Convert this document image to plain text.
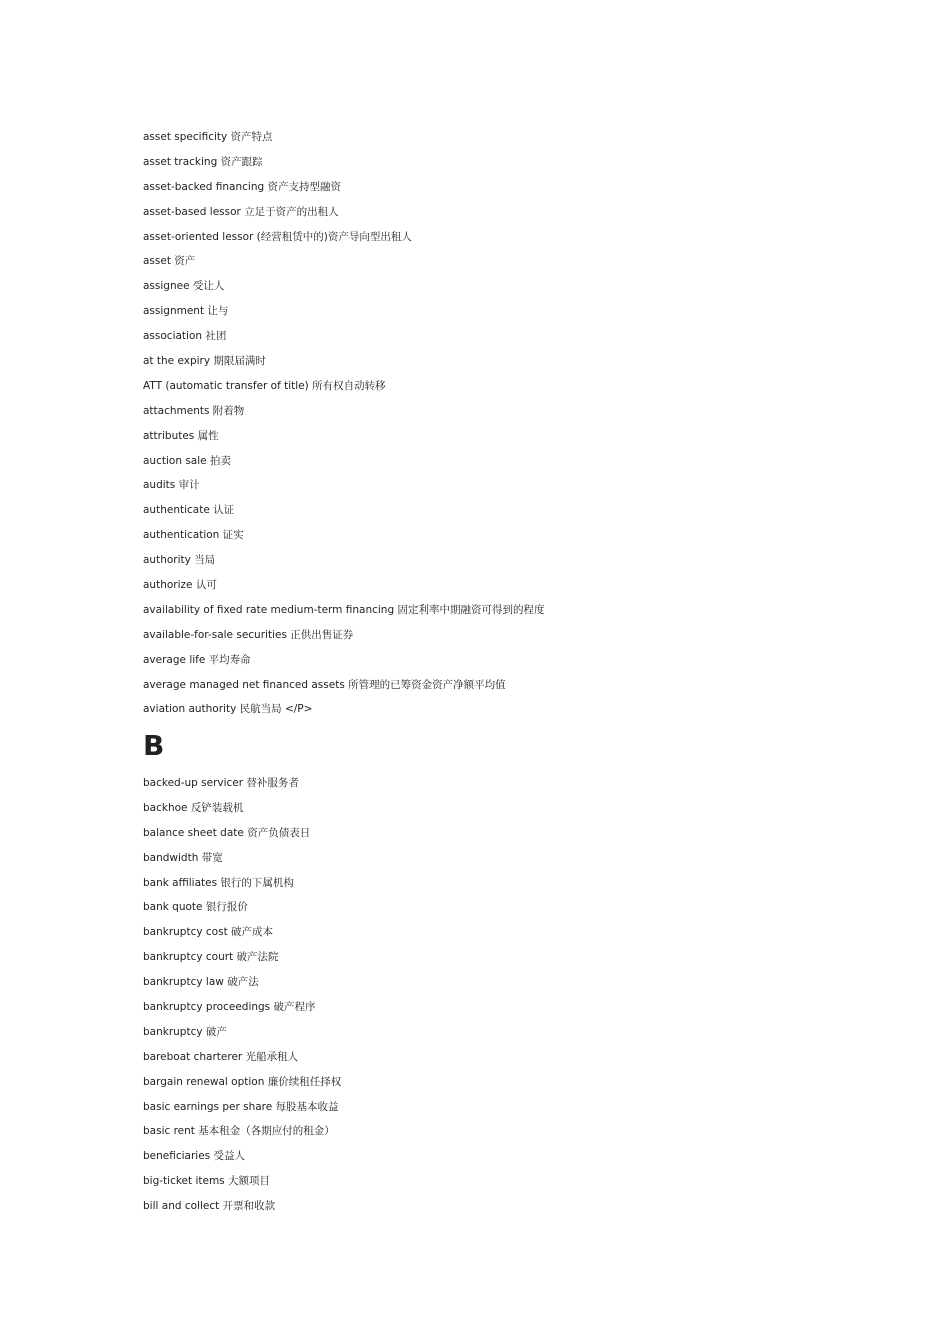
asset specificity 资产特点
asset tracking 资产跟踪
asset-backed financing 资产支持型融资
asset-based lessor 立足于资产的出租人
asset-oriented lessor (经营租赁中的)资产导向型出租人
asset 资产
assignee 受让人
assignment 让与
association 社团
at the expiry 期限届满时
ATT (automatic transfer of title) 所有权自动转移
attachments 附着物
attributes 属性
auction sale 拍卖
audits 审计
authenticate 认证
authentication 证实
authority 当局
authorize 认可
availability of fixed rate medium-term financing 固定利率中期融资可得到的程度
available-for-sale securities 正供出售证券
average life 平均寿命
average managed net financed assets 所管理的已筹资金资产净额平均值
aviation authority 民航当局 </P>
B
backed-up servicer 替补服务者
backhoe 反铲装载机
balance sheet date 资产负债表日
bandwidth 带宽
bank affiliates 银行的下属机构
bank quote 银行报价
bankruptcy cost 破产成本
bankruptcy court 破产法院
bankruptcy law 破产法
bankruptcy proceedings 破产程序
bankruptcy 破产
bareboat charterer 光船承租人
bargain renewal option 廉价续租任择权
basic earnings per share 每股基本收益
basic rent 基本租金（各期应付的租金）
beneficiaries 受益人
big-ticket items 大额项目
bill and collect 开票和收款
